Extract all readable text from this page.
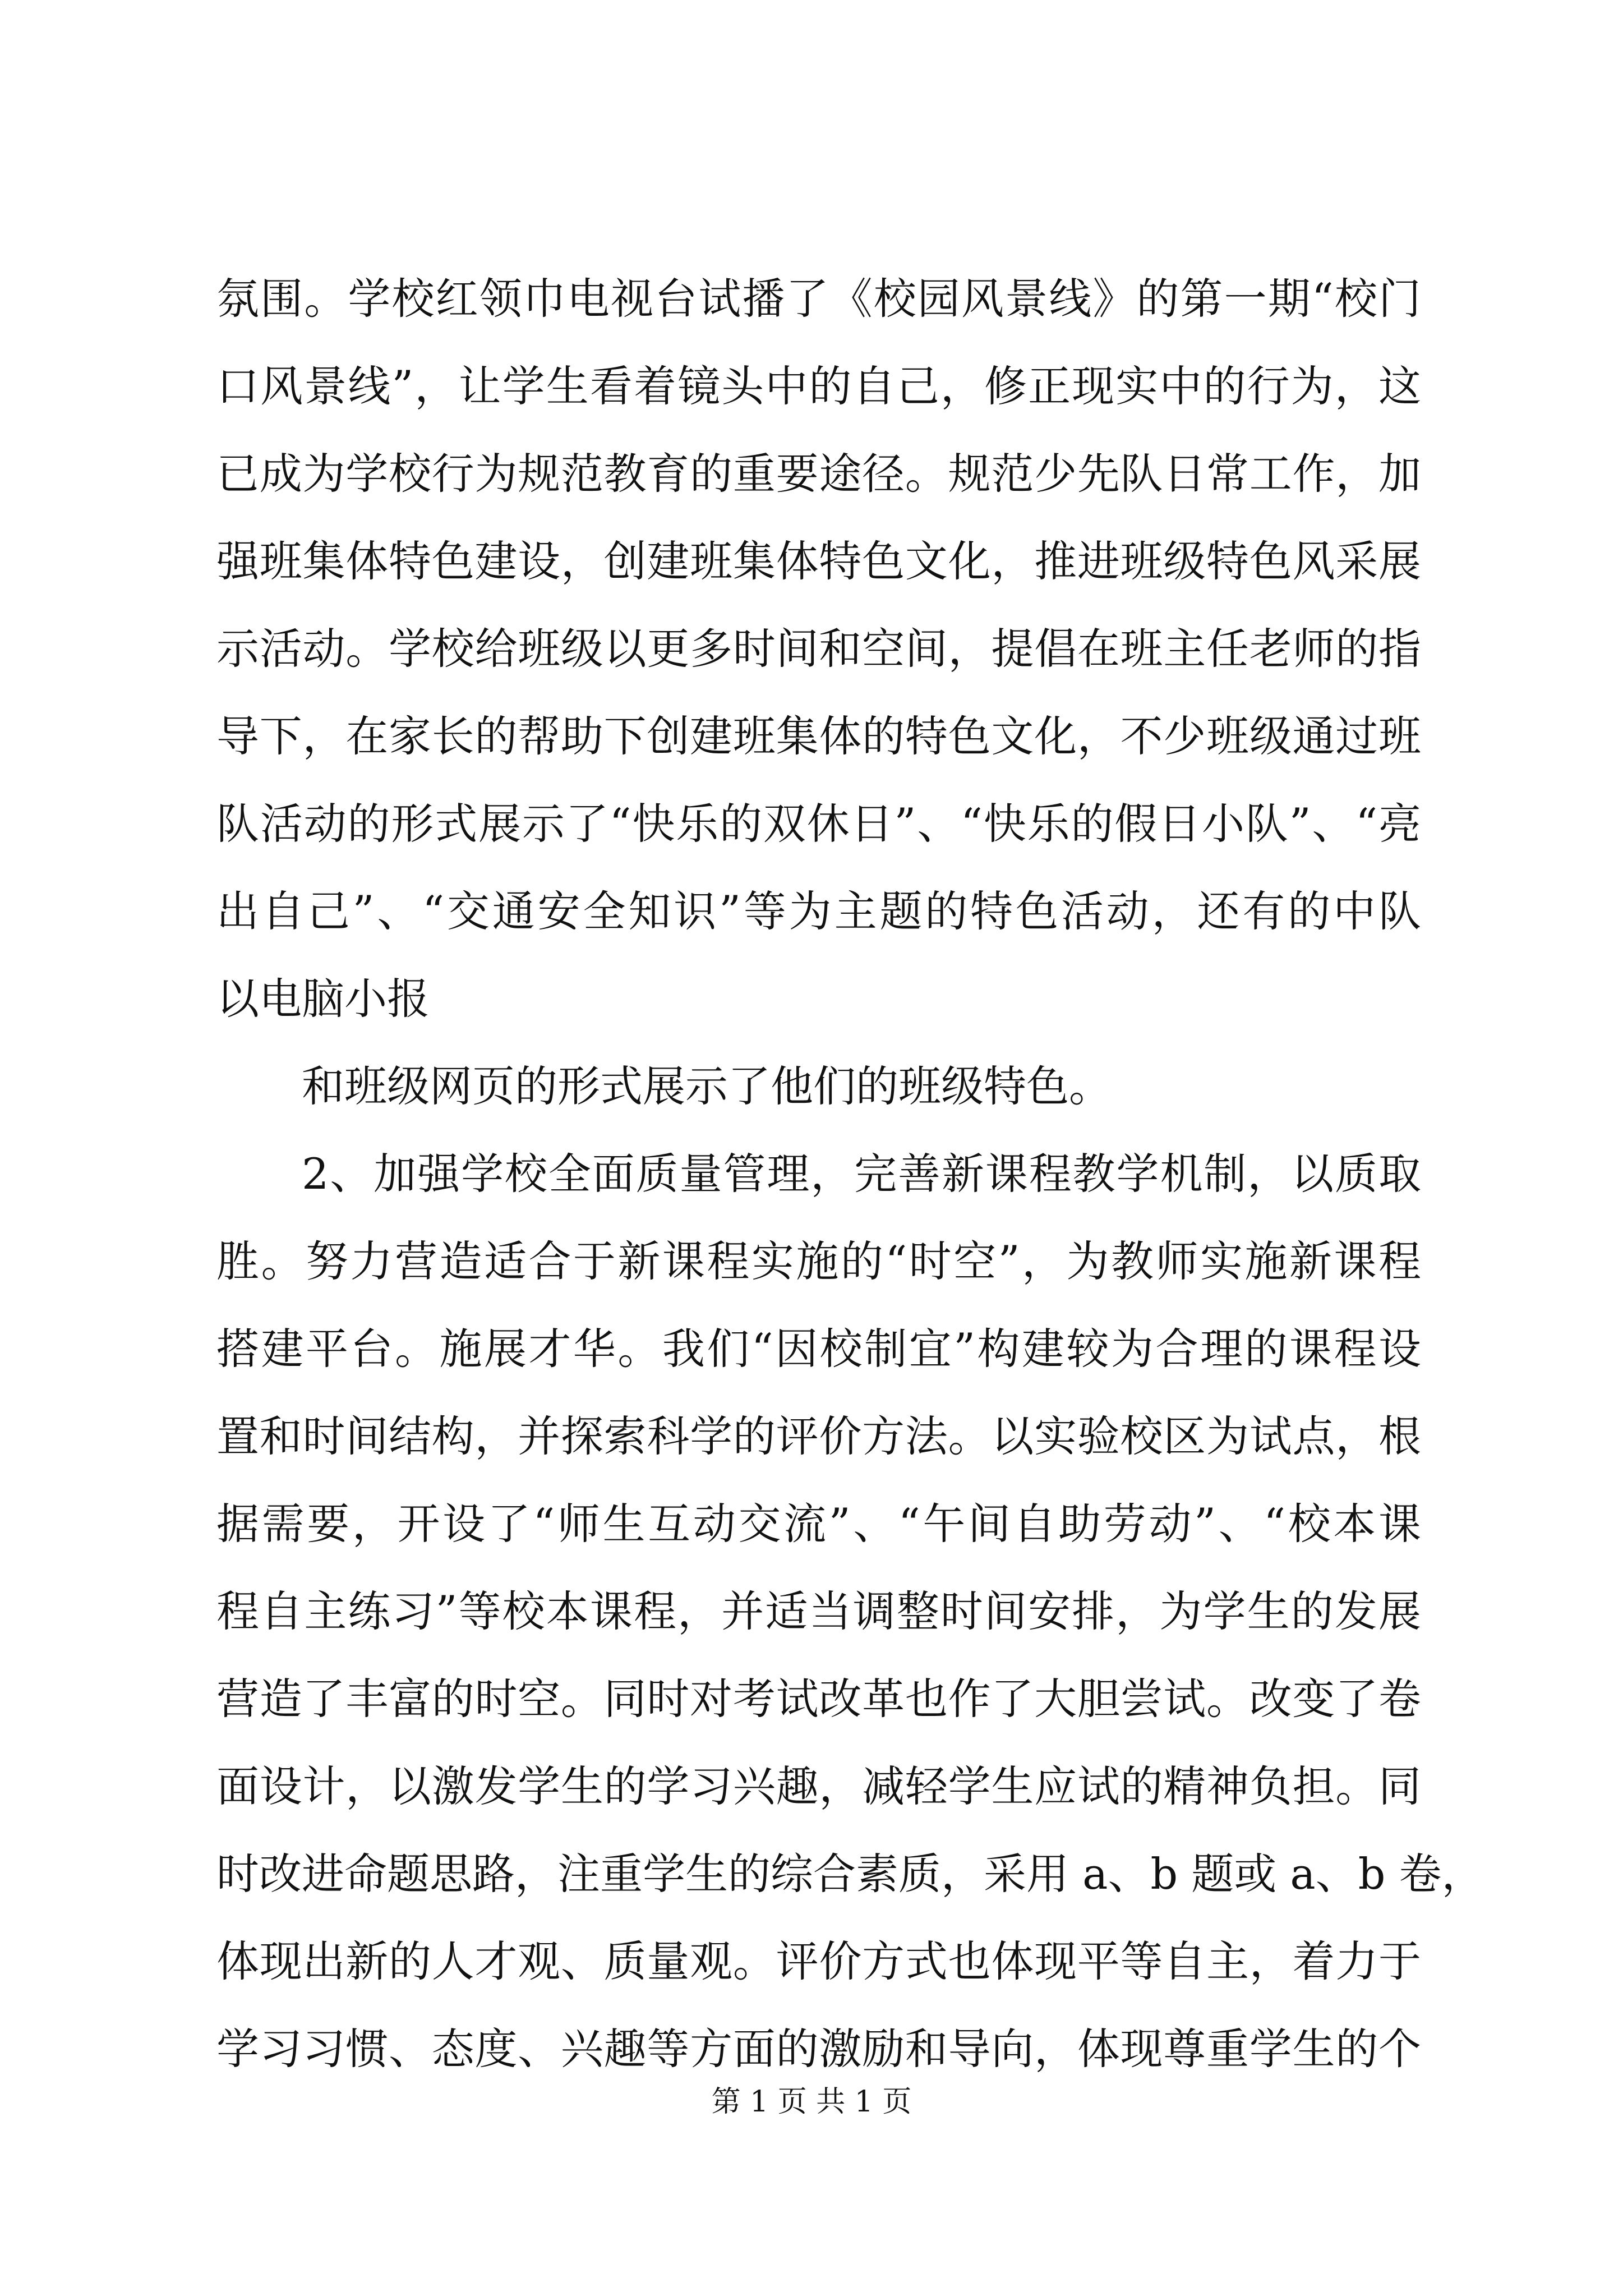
氛围。学校红领巾电视台试播了《校园风景线》的第一期“校门
口风景线”，让学生看着镜头中的自己，修正现实中的行为，这
已成为学校行为规范教育的重要途径。规范少先队日常工作，加
强班集体特色建设，创建班集体特色文化，推进班级特色风采展
示活动。学校给班级以更多时间和空间，提倡在班主任老师的指
导下，在家长的帮助下创建班集体的特色文化，不少班级通过班
队活动的形式展示了“快乐的双休日”、“快乐的假日小队”、“亮
出自己”、“交通安全知识”等为主题的特色活动，还有的中队
以电脑小报
和班级网页的形式展示了他们的班级特色。
2、加强学校全面质量管理，完善新课程教学机制，以质取
胜。努力营造适合于新课程实施的“时空”，为教师实施新课程
搭建平台。施展才华。我们“因校制宜”构建较为合理的课程设
置和时间结构，并探索科学的评价方法。以实验校区为试点，根
据需要，开设了“师生互动交流”、“午间自助劳动”、“校本课
程自主练习”等校本课程，并适当调整时间安排，为学生的发展
营造了丰富的时空。同时对考试改革也作了大胆尝试。改变了卷
面设计，以激发学生的学习兴趣，减轻学生应试的精神负担。同
时改进命题思路，注重学生的综合素质，采用 a、b 题或 a、b 卷，
体现出新的人才观、质量观。评价方式也体现平等自主，着力于
学习习惯、态度、兴趣等方面的激励和导向，体现尊重学生的个
第 1 页 共 1 页
